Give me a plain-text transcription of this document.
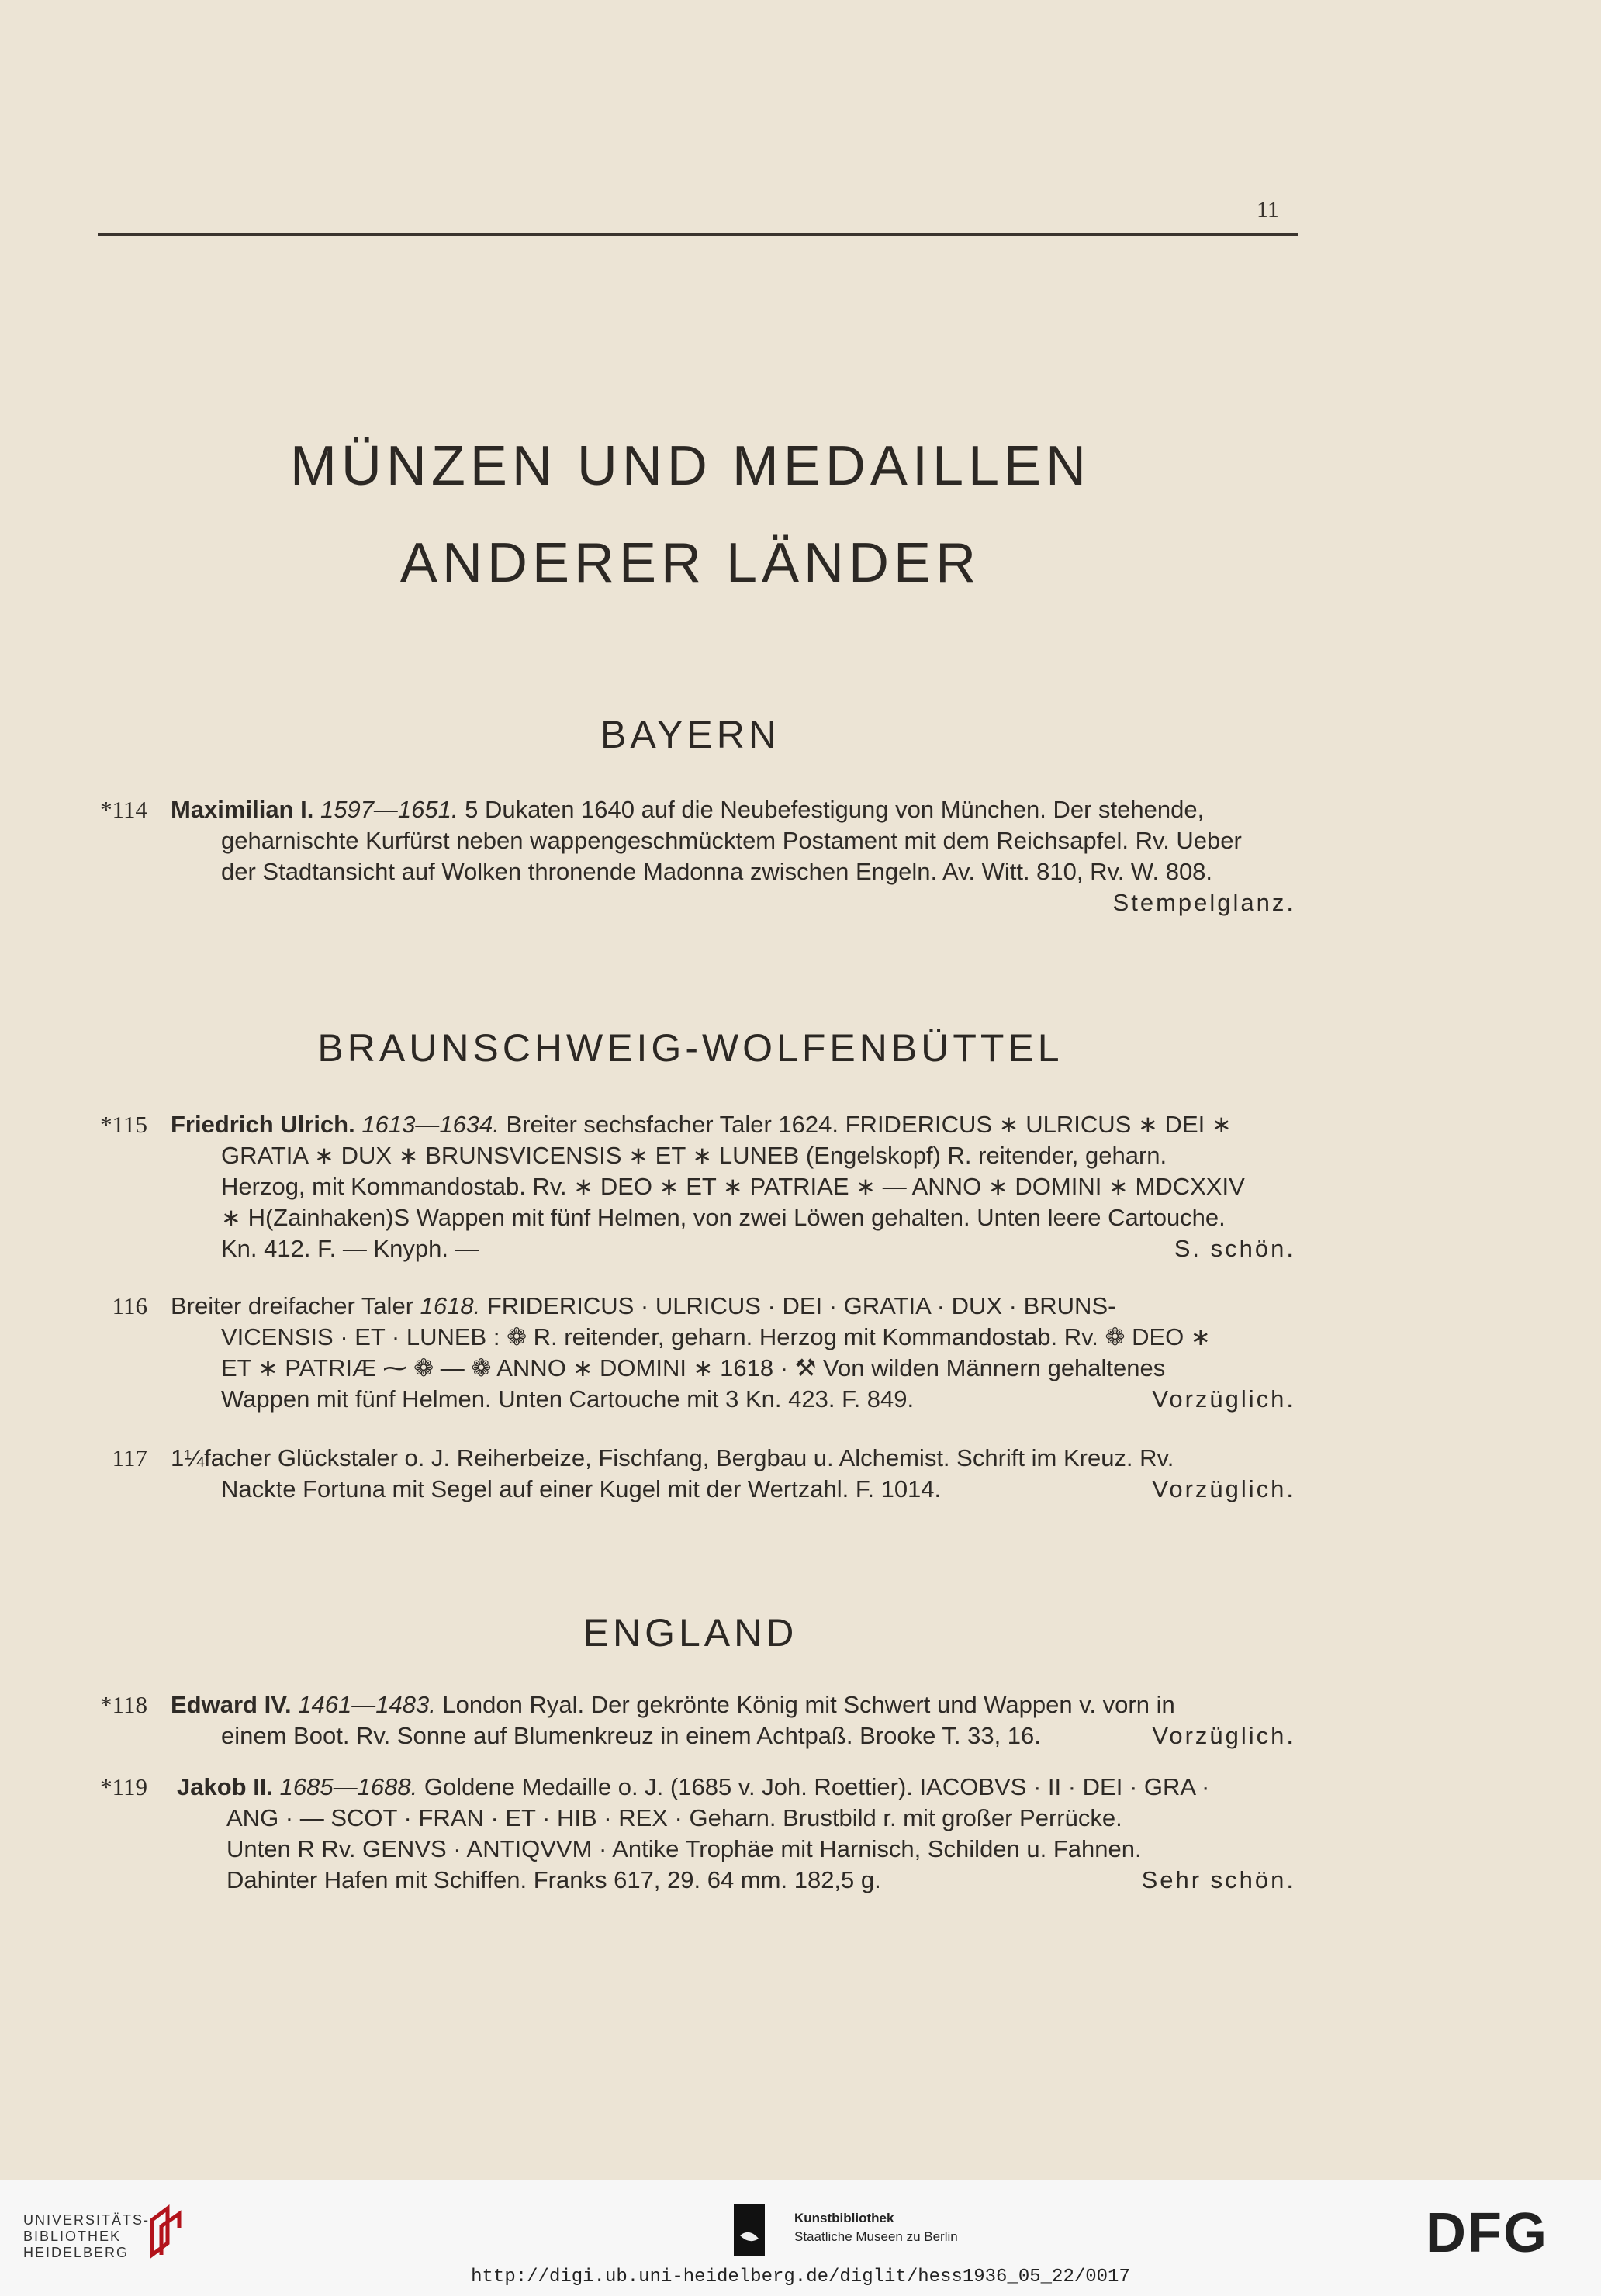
11
MÜNZEN UND MEDAILLEN
ANDERER LÄNDER
BAYERN
*114 Maximilian I. 1597—1651. 5 Dukaten 1640 auf die Neubefestigung von München. Der stehende,
geharnischte Kurfürst neben wappengeschmücktem Postament mit dem Reichsapfel. Rv. Ueber
der Stadtansicht auf Wolken thronende Madonna zwischen Engeln. Av. Witt. 810, Rv. W. 808.
Stempelglanz.
BRAUNSCHWEIG-WOLFENBÜTTEL
*115 Friedrich Ulrich. 1613—1634. Breiter sechsfacher Taler 1624. FRIDERICUS ∗ ULRICUS ∗ DEI ∗
GRATIA ∗ DUX ∗ BRUNSVICENSIS ∗ ET ∗ LUNEB (Engelskopf) R. reitender, geharn.
Herzog, mit Kommandostab. Rv. ∗ DEO ∗ ET ∗ PATRIAE ∗ — ANNO ∗ DOMINI ∗ MDCXXIV
∗ H(Zainhaken)S Wappen mit fünf Helmen, von zwei Löwen gehalten. Unten leere Cartouche.
Kn. 412. F. — Knyph. —	S. schön.
116 Breiter dreifacher Taler 1618. FRIDERICUS · ULRICUS · DEI · GRATIA · DUX · BRUNS-
VICENSIS · ET · LUNEB : ❁ R. reitender, geharn. Herzog mit Kommandostab. Rv. ❁ DEO ∗
ET ∗ PATRIÆ ⁓ ❁ — ❁ ANNO ∗ DOMINI ∗ 1618 · ⚒ Von wilden Männern gehaltenes
Wappen mit fünf Helmen. Unten Cartouche mit 3 Kn. 423. F. 849.	Vorzüglich.
117 1¼facher Glückstaler o. J. Reiherbeize, Fischfang, Bergbau u. Alchemist. Schrift im Kreuz. Rv.
Nackte Fortuna mit Segel auf einer Kugel mit der Wertzahl. F. 1014.	Vorzüglich.
ENGLAND
*118 Edward IV. 1461—1483. London Ryal. Der gekrönte König mit Schwert und Wappen v. vorn in
einem Boot. Rv. Sonne auf Blumenkreuz in einem Achtpaß. Brooke T. 33, 16.	Vorzüglich.
*119 Jakob II. 1685—1688. Goldene Medaille o. J. (1685 v. Joh. Roettier). IACOBVS · II · DEI · GRA ·
ANG · — SCOT · FRAN · ET · HIB · REX · Geharn. Brustbild r. mit großer Perrücke.
Unten R Rv. GENVS · ANTIQVVM · Antike Trophäe mit Harnisch, Schilden u. Fahnen.
Dahinter Hafen mit Schiffen. Franks 617, 29. 64 mm. 182,5 g.	Sehr schön.
UNIVERSITÄTS-
BIBLIOTHEK
HEIDELBERG
Kunstbibliothek
Staatliche Museen zu Berlin	DFG
http://digi.ub.uni-heidelberg.de/diglit/hess1936_05_22/0017
